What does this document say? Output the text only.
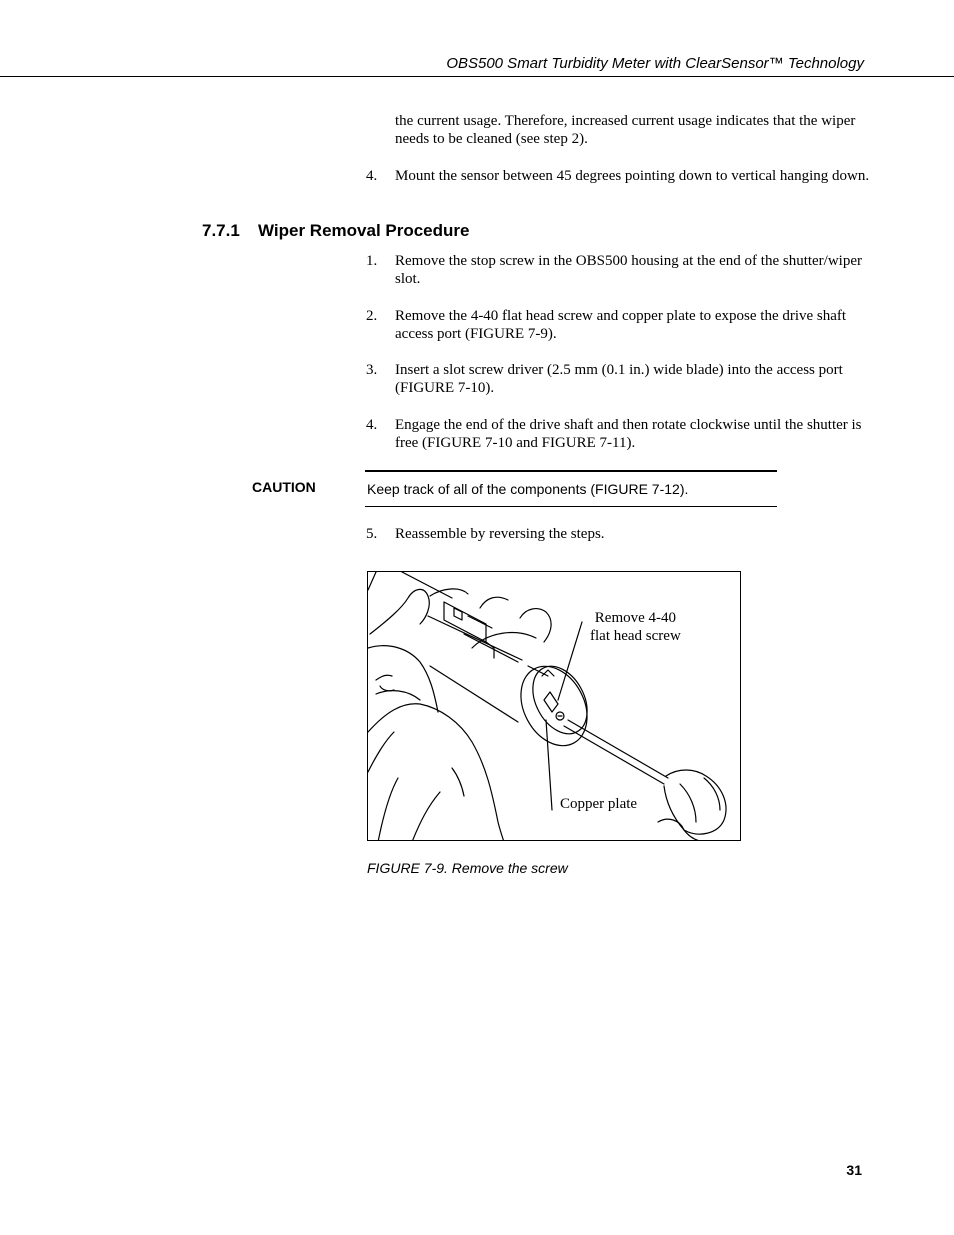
OBS500 Smart Turbidity Meter with ClearSensor™ Technology
the current usage. Therefore, increased current usage indicates that the wiper needs to be cleaned (see step 2).
4.	Mount the sensor between 45 degrees pointing down to vertical hanging down.
7.7.1 Wiper Removal Procedure
1.	Remove the stop screw in the OBS500 housing at the end of the shutter/wiper slot.
2.	Remove the 4-40 flat head screw and copper plate to expose the drive shaft access port (FIGURE 7-9).
3.	Insert a slot screw driver (2.5 mm (0.1 in.) wide blade) into the access port (FIGURE 7-10).
4.	Engage the end of the drive shaft and then rotate clockwise until the shutter is free (FIGURE 7-10 and FIGURE 7-11).
CAUTION	Keep track of all of the components (FIGURE 7-12).
5.	Reassemble by reversing the steps.
Remove 4-40
flat head screw
Copper plate
FIGURE 7-9. Remove the screw
31
